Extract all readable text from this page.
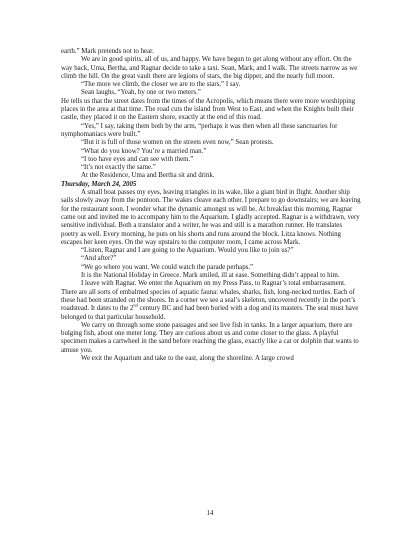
earth.” Mark pretends not to hear.

We are in good spirits, all of us, and happy. We have begun to get along without any effort. On the way back, Uma, Bertha, and Ragnar decide to take a taxi. Sean, Mark, and I walk. The streets narrow as we climb the hill. On the great vault there are legions of stars, the big dipper, and the nearly full moon.

“The more we climb, the closer we are to the stars,” I say.

Sean laughs, “Yeah, by one or two meters.”

He tells us that the street dates from the times of the Acropolis, which means there were more worshipping places in the area at that time. The road cuts the island from West to East, and when the Knights built their castle, they placed it on the Eastern shore, exactly at the end of this road.

“Yes,” I say, taking them both by the arm, “perhaps it was then when all these sanctuaries for nymphomaniacs were built.”

“But it is full of those women on the streets even now,” Sean protests.

“What do you know? You’re a married man.”

“I too have eyes and can see with them.”

“It’s not exactly the same.”

At the Residence, Uma and Bertha sit and drink.

Thursday, March 24, 2005

A small boat passes my eyes, leaving triangles in its wake, like a giant bird in flight. Another ship sails slowly away from the pontoon. The wakes cleave each other. I prepare to go downstairs; we are leaving for the restaurant soon. I wonder what the dynamic amongst us will be. At breakfast this morning, Ragnar came out and invited me to accompany him to the Aquarium. I gladly accepted. Ragnar is a withdrawn, very sensitive individual. Both a translator and a writer, he was and still is a marathon runner. He translates poetry as well. Every morning, he puts on his shorts and runs around the block. Litza knows. Nothing escapes her keen eyes. On the way upstairs to the computer room, I came across Mark.

“Listen, Ragnar and I are going to the Aquarium. Would you like to join us?”

“And after?”

“We go where you want. We could watch the parade perhaps.”

It is the National Holiday in Greece. Mark smiled, ill at ease. Something didn’t appeal to him.

I leave with Ragnar. We enter the Aquarium on my Press Pass, to Ragnar’s total embarrassment. There are all sorts of embalmed species of aquatic fauna: whales, sharks, fish, long-necked turtles. Each of these had been stranded on the shores. In a corner we see a seal’s skeleton, uncovered recently in the port’s roadstead. It dates to the 2nd century BC and had been buried with a dog and its masters. The seal must have belonged to that particular household.

We carry on through some stone passages and see live fish in tanks. In a larger aquarium, there are bulging fish, about one meter long. They are curious about us and come closer to the glass. A playful specimen makes a cartwheel in the sand before reaching the glass, exactly like a cat or dolphin that wants to amuse you.

We exit the Aquarium and take to the east, along the shoreline. A large crowd

14
